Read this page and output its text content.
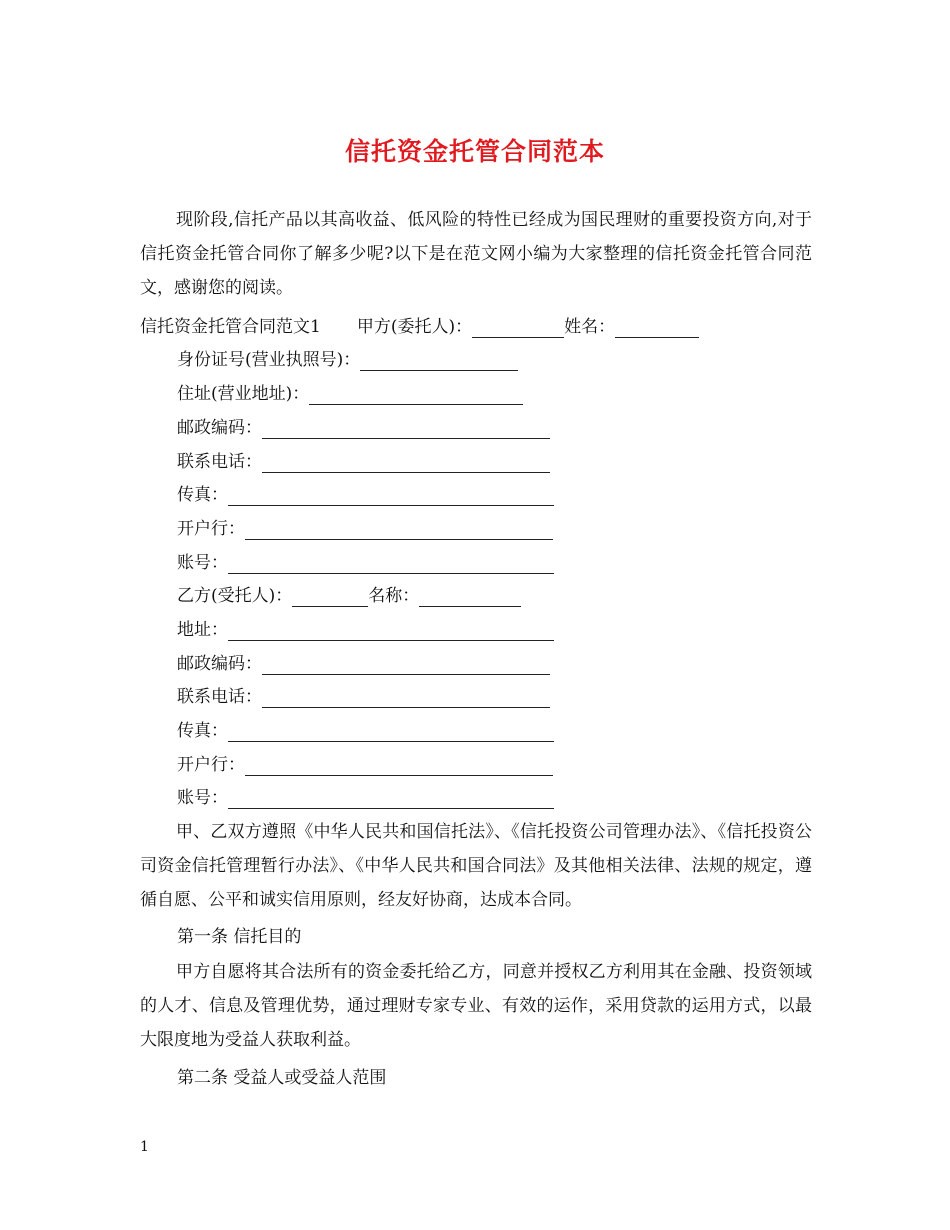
信托资金托管合同范本
现阶段,信托产品以其高收益、低风险的特性已经成为国民理财的重要投资方向,对于信托资金托管合同你了解多少呢?以下是在范文网小编为大家整理的信托资金托管合同范文，感谢您的阅读。
信托资金托管合同范文1 甲方(委托人)：	姓名：
身份证号(营业执照号)：
住址(营业地址)：
邮政编码：
联系电话：
传真：
开户行：
账号：
乙方(受托人)：	名称：
地址：
邮政编码：
联系电话：
传真：
开户行：
账号：
甲、乙双方遵照《中华人民共和国信托法》、《信托投资公司管理办法》、《信托投资公司资金信托管理暂行办法》、《中华人民共和国合同法》及其他相关法律、法规的规定，遵循自愿、公平和诚实信用原则，经友好协商，达成本合同。
第一条 信托目的
甲方自愿将其合法所有的资金委托给乙方，同意并授权乙方利用其在金融、投资领域的人才、信息及管理优势，通过理财专家专业、有效的运作，采用贷款的运用方式，以最大限度地为受益人获取利益。
第二条 受益人或受益人范围
1
